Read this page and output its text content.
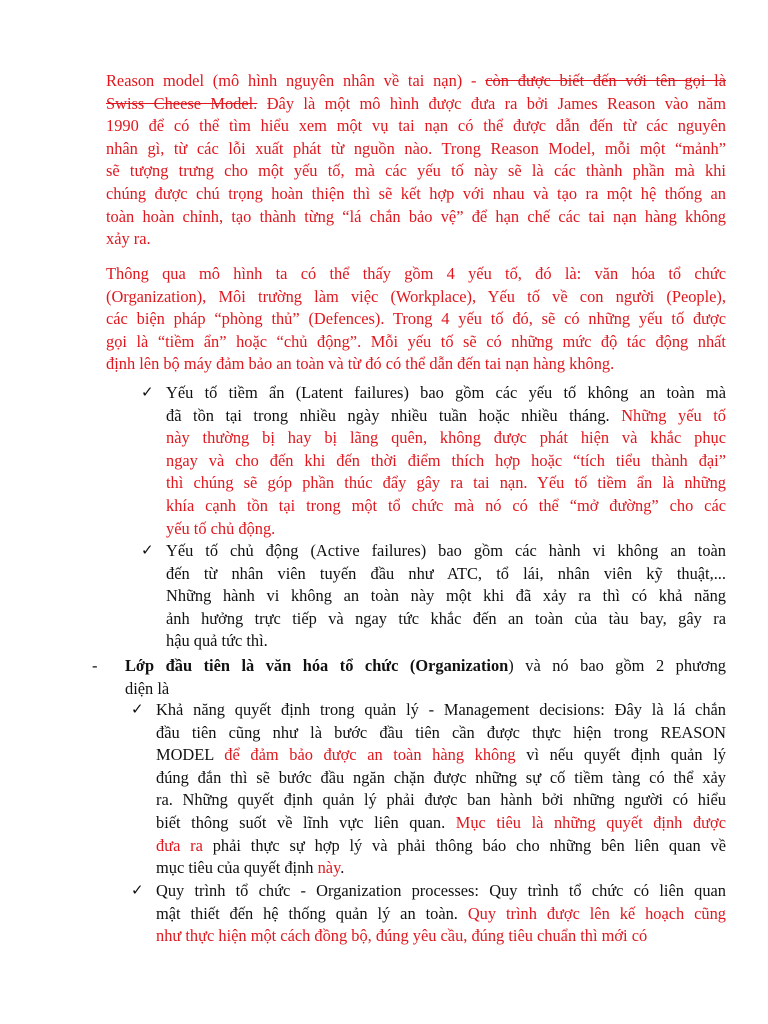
Reason model (mô hình nguyên nhân về tai nạn) - còn được biết đến với tên gọi là
Swiss Cheese Model. Đây là một mô hình được đưa ra bởi James Reason vào năm
1990 để có thể tìm hiểu xem một vụ tai nạn có thể được dẫn đến từ các nguyên
nhân gì, từ các lỗi xuất phát từ nguồn nào. Trong Reason Model, mỗi một “mảnh”
sẽ tượng trưng cho một yếu tố, mà các yếu tố này sẽ là các thành phần mà khi
chúng được chú trọng hoàn thiện thì sẽ kết hợp với nhau và tạo ra một hệ thống an
toàn hoàn chỉnh, tạo thành từng “lá chắn bảo vệ” để hạn chế các tai nạn hàng không
xảy ra.
Thông qua mô hình ta có thể thấy gồm 4 yếu tố, đó là: văn hóa tổ chức
(Organization), Môi trường làm việc (Workplace), Yếu tố về con người (People),
các biện pháp “phòng thủ” (Defences). Trong 4 yếu tố đó, sẽ có những yếu tố được
gọi là “tiềm ẩn” hoặc “chủ động”. Mỗi yếu tố sẽ có những mức độ tác động nhất
định lên bộ máy đảm bảo an toàn và từ đó có thể dẫn đến tai nạn hàng không.
✓ Yếu tố tiềm ẩn (Latent failures) bao gồm các yếu tố không an toàn mà
đã tồn tại trong nhiều ngày nhiều tuần hoặc nhiều tháng. Những yếu tố
này thường bị hay bị lãng quên, không được phát hiện và khắc phục
ngay và cho đến khi đến thời điểm thích hợp hoặc “tích tiểu thành đại”
thì chúng sẽ góp phần thúc đẩy gây ra tai nạn. Yếu tố tiềm ẩn là những
khía cạnh tồn tại trong một tổ chức mà nó có thể “mở đường” cho các
yếu tố chủ động.
✓ Yếu tố chủ động (Active failures) bao gồm các hành vi không an toàn
đến từ nhân viên tuyến đầu như ATC, tổ lái, nhân viên kỹ thuật,...
Những hành vi không an toàn này một khi đã xảy ra thì có khả năng
ảnh hưởng trực tiếp và ngay tức khắc đến an toàn của tàu bay, gây ra
hậu quả tức thì.
- Lớp đầu tiên là văn hóa tổ chức (Organization) và nó bao gồm 2 phương
diện là
✓ Khả năng quyết định trong quản lý - Management decisions: Đây là lá chắn
đầu tiên cũng như là bước đầu tiên cần được thực hiện trong REASON
MODEL để đảm bảo được an toàn hàng không vì nếu quyết định quản lý
đúng đắn thì sẽ bước đầu ngăn chặn được những sự cố tiềm tàng có thể xảy
ra. Những quyết định quản lý phải được ban hành bởi những người có hiểu
biết thông suốt về lĩnh vực liên quan. Mục tiêu là những quyết định được
đưa ra phải thực sự hợp lý và phải thông báo cho những bên liên quan về
mục tiêu của quyết định này.
✓ Quy trình tổ chức - Organization processes: Quy trình tổ chức có liên quan
mật thiết đến hệ thống quản lý an toàn. Quy trình được lên kế hoạch cũng
như thực hiện một cách đồng bộ, đúng yêu cầu, đúng tiêu chuẩn thì mới có
